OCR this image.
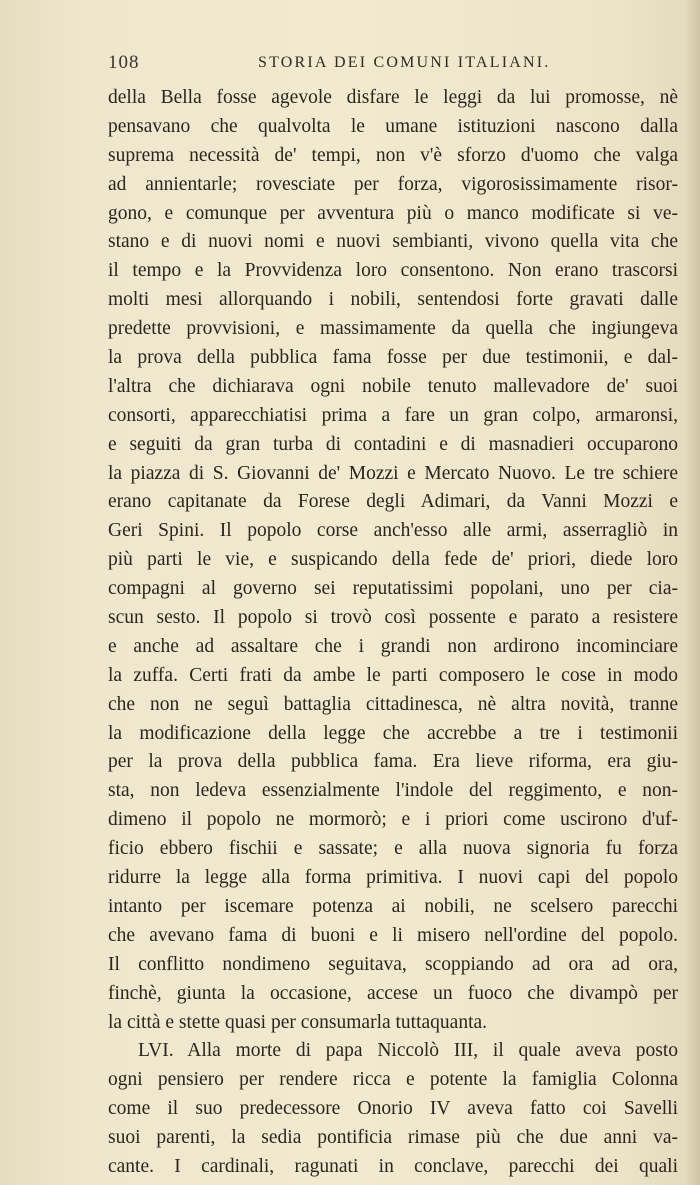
108	STORIA DEI COMUNI ITALIANI.
della Bella fosse agevole disfare le leggi da lui promosse, nè
pensavano che qualvolta le umane istituzioni nascono dalla
suprema necessità de' tempi, non v'è sforzo d'uomo che valga
ad annientarle; rovesciate per forza, vigorosissimamente risor-
gono, e comunque per avventura più o manco modificate si ve-
stano e di nuovi nomi e nuovi sembianti, vivono quella vita che
il tempo e la Provvidenza loro consentono. Non erano trascorsi
molti mesi allorquando i nobili, sentendosi forte gravati dalle
predette provvisioni, e massimamente da quella che ingiungeva
la prova della pubblica fama fosse per due testimonii, e dal-
l'altra che dichiarava ogni nobile tenuto mallevadore de' suoi
consorti, apparecchiatisi prima a fare un gran colpo, armaronsi,
e seguiti da gran turba di contadini e di masnadieri occuparono
la piazza di S. Giovanni de' Mozzi e Mercato Nuovo. Le tre schiere
erano capitanate da Forese degli Adimari, da Vanni Mozzi e
Geri Spini. Il popolo corse anch'esso alle armi, asserragliò in
più parti le vie, e suspicando della fede de' priori, diede loro
compagni al governo sei reputatissimi popolani, uno per cia-
scun sesto. Il popolo si trovò così possente e parato a resistere
e anche ad assaltare che i grandi non ardirono incominciare
la zuffa. Certi frati da ambe le parti composero le cose in modo
che non ne seguì battaglia cittadinesca, nè altra novità, tranne
la modificazione della legge che accrebbe a tre i testimonii
per la prova della pubblica fama. Era lieve riforma, era giu-
sta, non ledeva essenzialmente l'indole del reggimento, e non-
dimeno il popolo ne mormorò; e i priori come uscirono d'uf-
ficio ebbero fischii e sassate; e alla nuova signoria fu forza
ridurre la legge alla forma primitiva. I nuovi capi del popolo
intanto per iscemare potenza ai nobili, ne scelsero parecchi
che avevano fama di buoni e li misero nell'ordine del popolo.
Il conflitto nondimeno seguitava, scoppiando ad ora ad ora,
finchè, giunta la occasione, accese un fuoco che divampò per
la città e stette quasi per consumarla tuttaquanta.
LVI. Alla morte di papa Niccolò III, il quale aveva posto
ogni pensiero per rendere ricca e potente la famiglia Colonna
come il suo predecessore Onorio IV aveva fatto coi Savelli
suoi parenti, la sedia pontificia rimase più che due anni va-
cante. I cardinali, ragunati in conclave, parecchi dei quali
